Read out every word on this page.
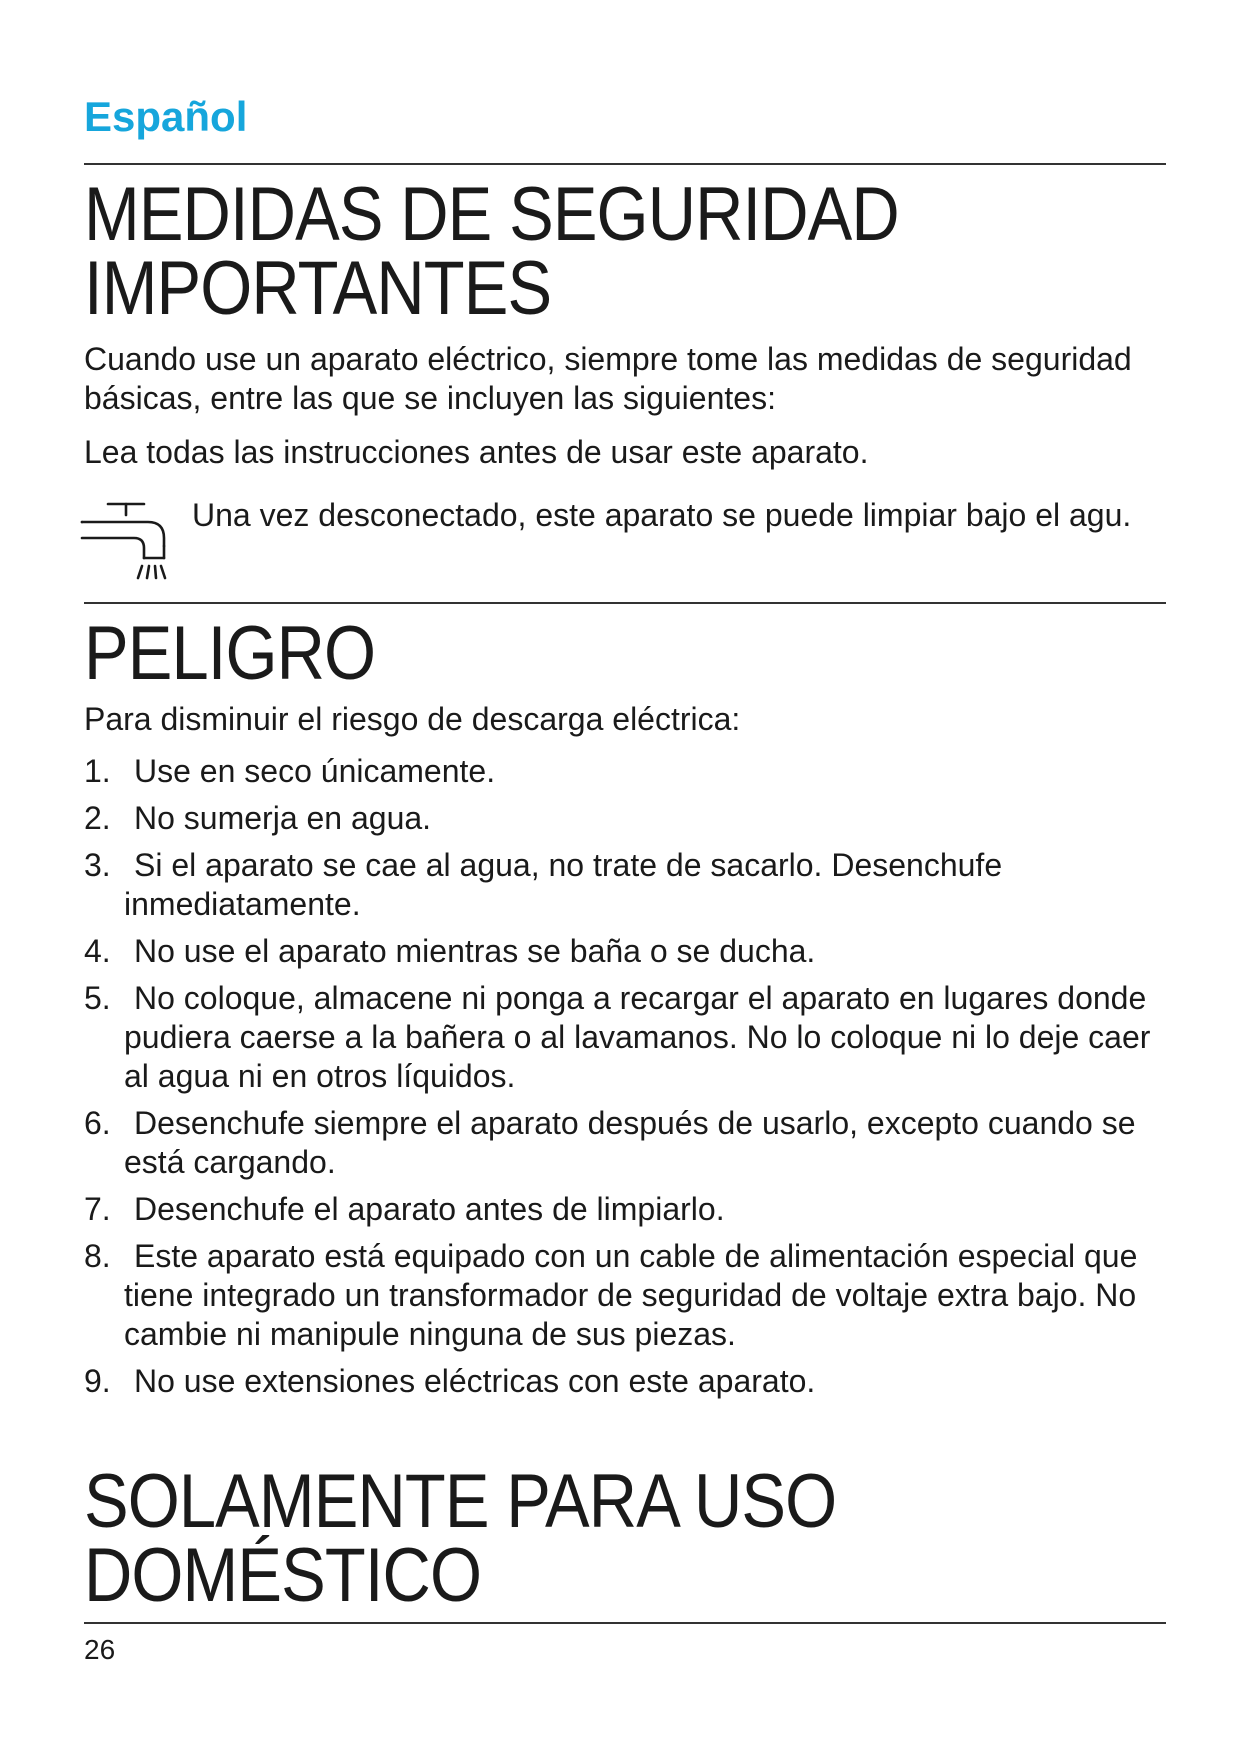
Español
MEDIDAS DE SEGURIDAD
IMPORTANTES

Cuando use un aparato eléctrico, siempre tome las medidas de seguridad básicas, entre las que se incluyen las siguientes:

Lea todas las instrucciones antes de usar este aparato.

Una vez desconectado, este aparato se puede limpiar bajo el agu.
PELIGRO

Para disminuir el riesgo de descarga eléctrica:

1. Use en seco únicamente.
2. No sumerja en agua.
3. Si el aparato se cae al agua, no trate de sacarlo. Desenchufe inmediatamente.
4. No use el aparato mientras se baña o se ducha.
5. No coloque, almacene ni ponga a recargar el aparato en lugares donde pudiera caerse a la bañera o al lavamanos. No lo coloque ni lo deje caer al agua ni en otros líquidos.
6. Desenchufe siempre el aparato después de usarlo, excepto cuando se está cargando.
7. Desenchufe el aparato antes de limpiarlo.
8. Este aparato está equipado con un cable de alimentación especial que tiene integrado un transformador de seguridad de voltaje extra bajo. No cambie ni manipule ninguna de sus piezas.
9. No use extensiones eléctricas con este aparato.
SOLAMENTE PARA USO
DOMÉSTICO
26
